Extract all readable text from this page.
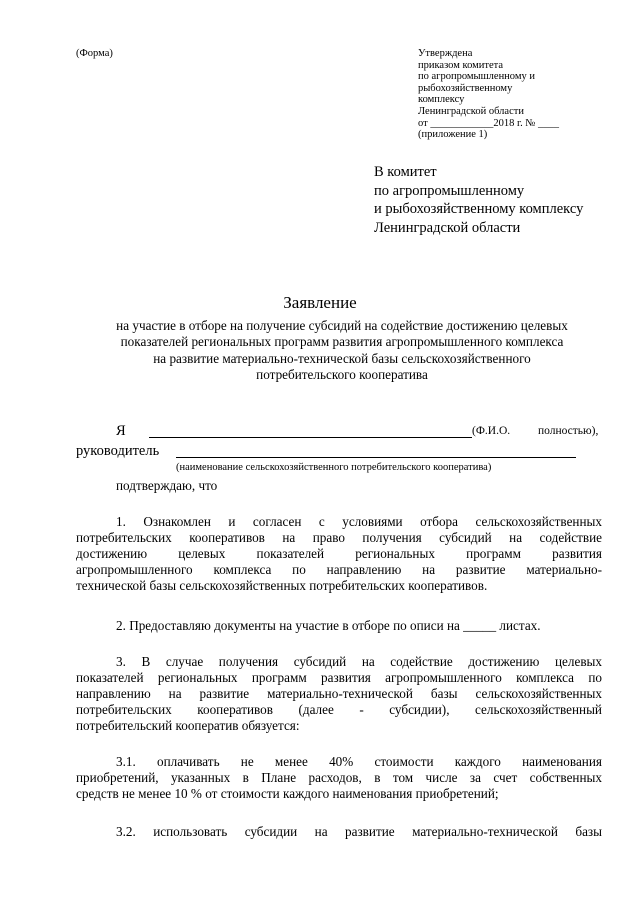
(Форма)	Утверждена
приказом комитета
по агропромышленному и
рыбохозяйственному
комплексу
Ленинградской области
от ____________2018 г. № ____
(приложение 1)
В комитет
по агропромышленному
и рыбохозяйственному комплексу
Ленинградской области
Заявление
на участие в отборе на получение субсидий на содействие достижению целевых
показателей региональных программ развития агропромышленного комплекса
на развитие материально-технической базы сельскохозяйственного
потребительского кооператива
Я	(Ф.И.О. полностью),
руководитель
(наименование сельскохозяйственного потребительского кооператива)
подтверждаю, что
1. Ознакомлен и согласен с условиями отбора сельскохозяйственных
потребительских кооперативов на право получения субсидий на содействие
достижению целевых показателей региональных программ развития
агропромышленного комплекса по направлению на развитие материально-
технической базы сельскохозяйственных потребительских кооперативов.
2. Предоставляю документы на участие в отборе по описи на _____ листах.
3. В случае получения субсидий на содействие достижению целевых
показателей региональных программ развития агропромышленного комплекса по
направлению на развитие материально-технической базы сельскохозяйственных
потребительских кооперативов (далее - субсидии), сельскохозяйственный
потребительский кооператив обязуется:
3.1. оплачивать не менее 40% стоимости каждого наименования
приобретений, указанных в Плане расходов, в том числе за счет собственных
средств не менее 10 % от стоимости каждого наименования приобретений;
3.2. использовать субсидии на развитие материально-технической базы
